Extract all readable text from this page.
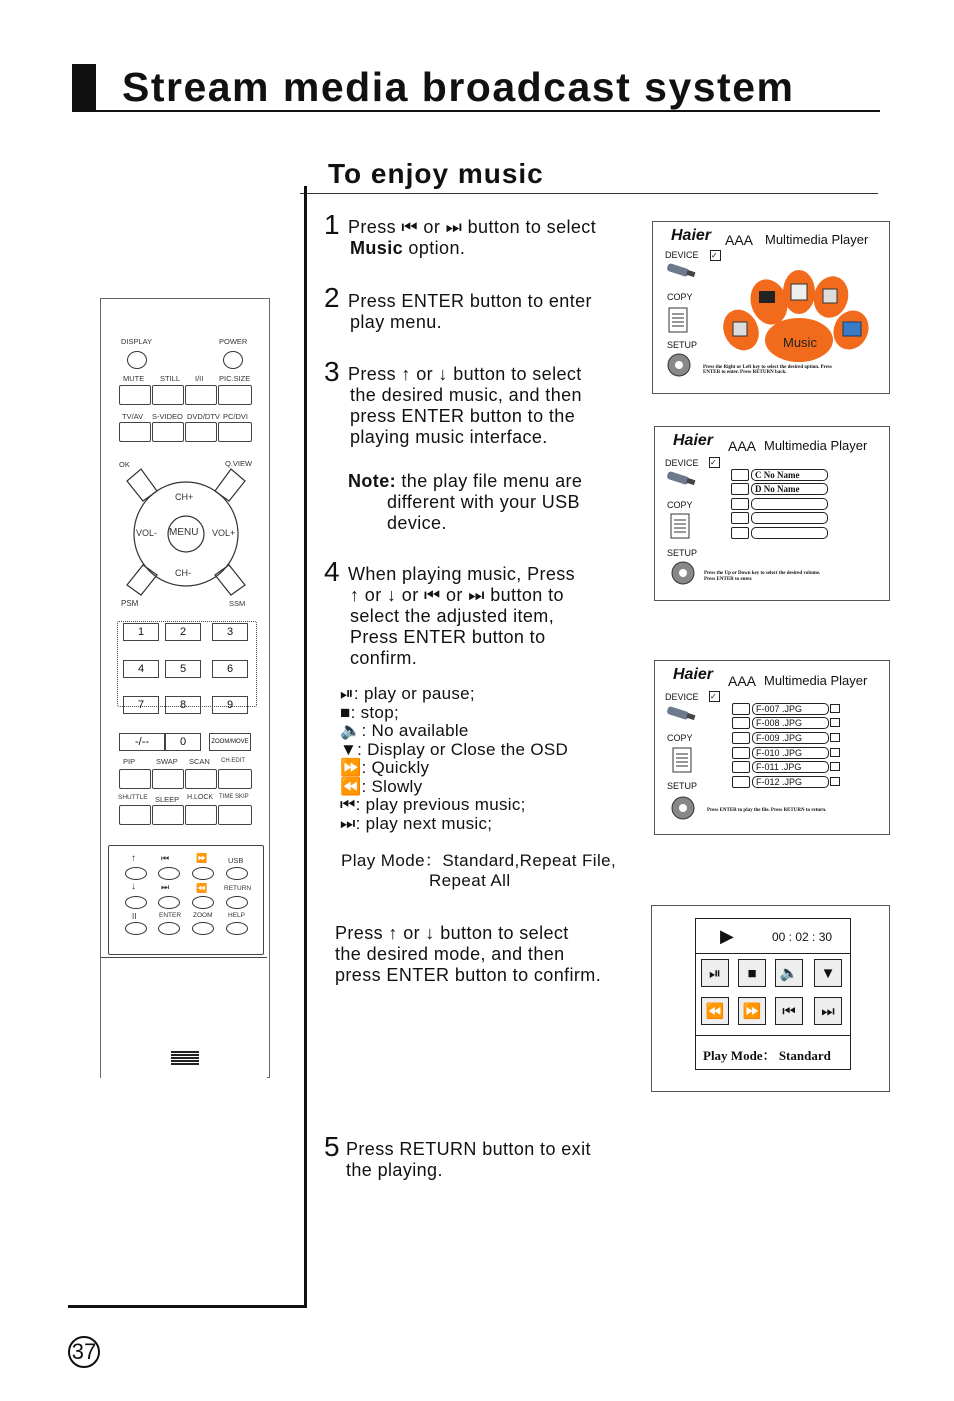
Stream media broadcast system
To enjoy music
1 Press ⏮ or ⏭ button to select
Music option.
2 Press ENTER button to enter
play menu.
3 Press ↑ or ↓ button to select
the desired music, and then
press ENTER button to the
playing music interface.
Note: the play file menu are
different with your USB
device.
4 When playing music, Press
↑ or ↓ or ⏮ or ⏭ button to
select the adjusted item,
Press ENTER button to
confirm.
⏯: play or pause;
■: stop;
🔈: No available
▼: Display or Close the OSD
⏩: Quickly
⏪: Slowly
⏮: play previous music;
⏭: play next music;
Play Mode：Standard,Repeat File,
Repeat All
Press ↑ or ↓ button to select
the desired mode, and then
press ENTER button to confirm.
5 Press RETURN button to exit
the playing.
37
DISPLAY	POWER
MUTE STILL I/II PIC.SIZE
TV/AV S-VIDEO DVD/DTV PC/DVI
OK	Q.VIEW
CH+
VOL- MENU VOL+
CH-
PSM	SSM
1	2	3
4	5	6
7	8	9
-/--	0	ZOOM/MOVE
PIP	SWAP SCAN CH.EDIT
SHUTTLE SLEEP H.LOCK TIME SKIP
↑	⏮	⏩	USB
↓	⏭	⏪	RETURN
II	ENTER ZOOM HELP
Haier AAA Multimedia Player
DEVICE ✓
COPY
SETUP	Music
Press the Right or Left key to select the desired option. Press ENTER to enter. Press RETURN back.
Haier AAA Multimedia Player
DEVICE ✓
COPY
SETUP
C No Name
D No Name
Press the Up or Down key to select the desired volume.
Press ENTER to enter.
Haier AAA Multimedia Player
DEVICE ✓
COPY
SETUP
F-007 .JPG
F-008 .JPG
F-009 .JPG
F-010 .JPG
F-011 .JPG
F-012 .JPG
Press ENTER to play the file. Press RETURN to return.
▶	00 : 02 : 30
⏯	■	🔈	▼
⏪	⏩	⏮	⏭
Play Mode： Standard
